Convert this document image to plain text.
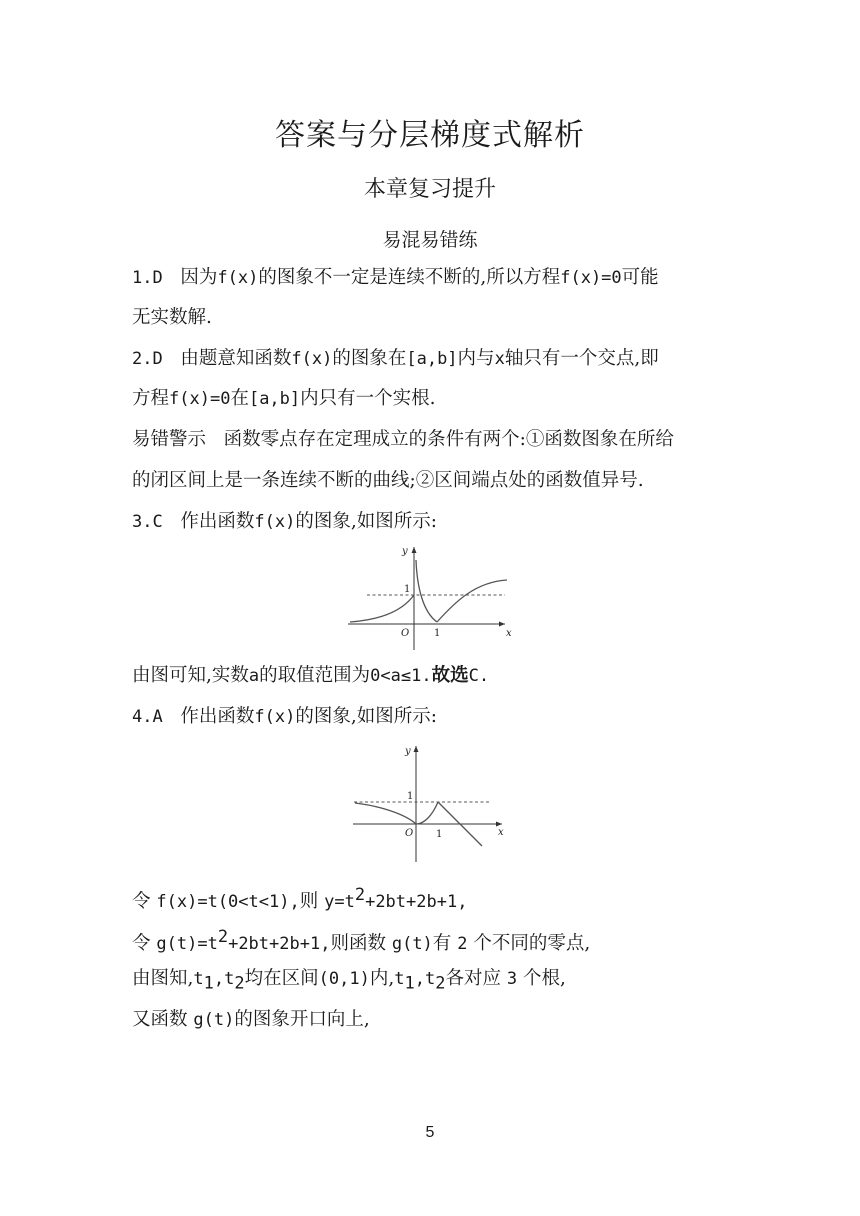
答案与分层梯度式解析
本章复习提升
易混易错练
1.D 因为f(x)的图象不一定是连续不断的,所以方程f(x)=0可能
无实数解.
2.D 由题意知函数f(x)的图象在[a,b]内与x轴只有一个交点,即
方程f(x)=0在[a,b]内只有一个实根.
易错警示 函数零点存在定理成立的条件有两个:①函数图象在所给
的闭区间上是一条连续不断的曲线;②区间端点处的函数值异号.
3.C 作出函数f(x)的图象,如图所示:
y
x
O 1
1
由图可知,实数a的取值范围为0<a≤1.故选C.
4.A 作出函数f(x)的图象,如图所示:
y
x
O 1
1
令 f(x)=t(0<t<1),则 $y=t^2+2bt+2b+1$,
令 $g(t)=t^2+2bt+2b+1$,则函数 g(t)有 2 个不同的零点,
由图知$,t_1,t_2$均在区间(0,1)内$,t_1,t_2$各对应 3 个根,
又函数 g(t)的图象开口向上,
5
